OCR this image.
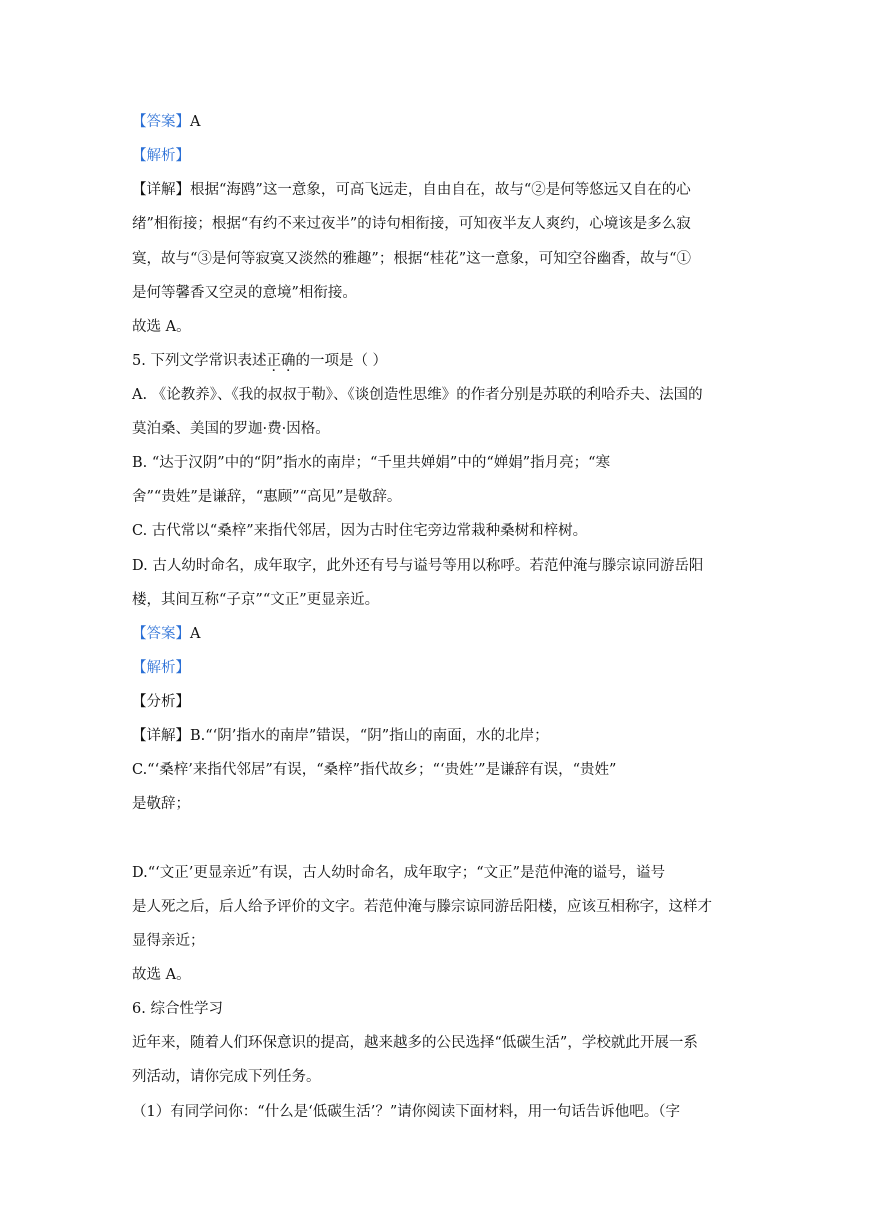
【答案】A
【解析】
【详解】根据“海鸥”这一意象，可高飞远走，自由自在，故与“②是何等悠远又自在的心
绪”相衔接；根据“有约不来过夜半”的诗句相衔接，可知夜半友人爽约，心境该是多么寂
寞，故与“③是何等寂寞又淡然的雅趣”；根据“桂花”这一意象，可知空谷幽香，故与“①
是何等馨香又空灵的意境”相衔接。
故选 A。
5. 下列文学常识表述正确的一项是（ ）
A. 《论教养》、《我的叔叔于勒》、《谈创造性思维》的作者分别是苏联的利哈乔夫、法国的
莫泊桑、美国的罗迦·费·因格。
B. “达于汉阴”中的“阴”指水的南岸；“千里共婵娟”中的“婵娟”指月亮；“寒
舍”“贵姓”是谦辞，“惠顾”“高见”是敬辞。
C. 古代常以“桑梓”来指代邻居，因为古时住宅旁边常栽种桑树和梓树。
D. 古人幼时命名，成年取字，此外还有号与谥号等用以称呼。若范仲淹与滕宗谅同游岳阳
楼，其间互称“子京”“文正”更显亲近。
【答案】A
【解析】
【分析】
【详解】B.“‘阴’指水的南岸”错误，“阴”指山的南面，水的北岸；
C.“‘桑梓’来指代邻居”有误，“桑梓”指代故乡；“‘贵姓’”是谦辞有误，“贵姓”
是敬辞；
D.“‘文正’更显亲近”有误，古人幼时命名，成年取字；“文正”是范仲淹的谥号，谥号
是人死之后，后人给予评价的文字。若范仲淹与滕宗谅同游岳阳楼，应该互相称字，这样才
显得亲近；
故选 A。
6. 综合性学习
近年来，随着人们环保意识的提高，越来越多的公民选择“低碳生活”，学校就此开展一系
列活动，请你完成下列任务。
（1）有同学问你：“什么是‘低碳生活’？”请你阅读下面材料，用一句话告诉他吧。（字
